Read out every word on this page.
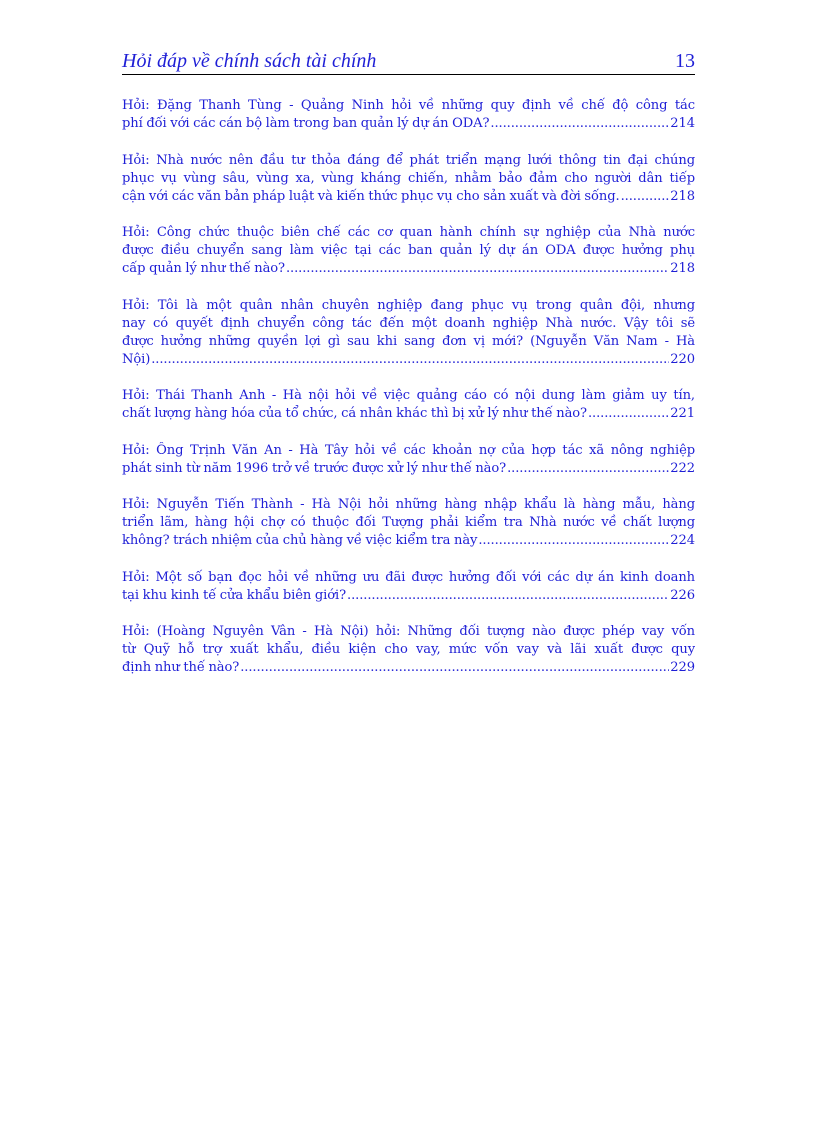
Hỏi đáp về chính sách tài chính	13
Hỏi: Đặng Thanh Tùng - Quảng Ninh hỏi về những quy định về chế độ công tác
phí đối với các cán bộ làm trong ban quản lý dự án ODA? .....	214
Hỏi: Nhà nước nên đầu tư thỏa đáng để phát triển mạng lưới thông tin đại chúng
phục vụ vùng sâu, vùng xa, vùng kháng chiến, nhằm bảo đảm cho người dân tiếp
cận với các văn bản pháp luật và kiến thức phục vụ cho sản xuất và đời sống. .....	218
Hỏi: Công chức thuộc biên chế các cơ quan hành chính sự nghiệp của Nhà nước
được điều chuyển sang làm việc tại các ban quản lý dự án ODA được hưởng phụ
cấp quản lý như thế nào? .....	218
Hỏi: Tôi là một quân nhân chuyên nghiệp đang phục vụ trong quân đội, nhưng
nay có quyết định chuyển công tác đến một doanh nghiệp Nhà nước. Vậy tôi sẽ
được hưởng những quyền lợi gì sau khi sang đơn vị mới? (Nguyễn Văn Nam - Hà
Nội) .....	220
Hỏi: Thái Thanh Anh - Hà nội hỏi về việc quảng cáo có nội dung làm giảm uy tín,
chất lượng hàng hóa của tổ chức, cá nhân khác thì bị xử lý như thế nào? .....	221
Hỏi: Ông Trịnh Văn An - Hà Tây hỏi về các khoản nợ của hợp tác xã nông nghiệp
phát sinh từ năm 1996 trở về trước được xử lý như thế nào? .....	222
Hỏi: Nguyễn Tiến Thành - Hà Nội hỏi những hàng nhập khẩu là hàng mẫu, hàng
triển lãm, hàng hội chợ có thuộc đối Tượng phải kiểm tra Nhà nước về chất lượng
không? trách nhiệm của chủ hàng về việc kiểm tra này .....	224
Hỏi: Một số bạn đọc hỏi về những ưu đãi được hưởng đối với các dự án kinh doanh
tại khu kinh tế cửa khẩu biên giới? .....	226
Hỏi: (Hoàng Nguyên Vân - Hà Nội) hỏi: Những đối tượng nào được phép vay vốn
từ Quỹ hỗ trợ xuất khẩu, điều kiện cho vay, mức vốn vay và lãi xuất được quy
định như thế nào? .....	229
